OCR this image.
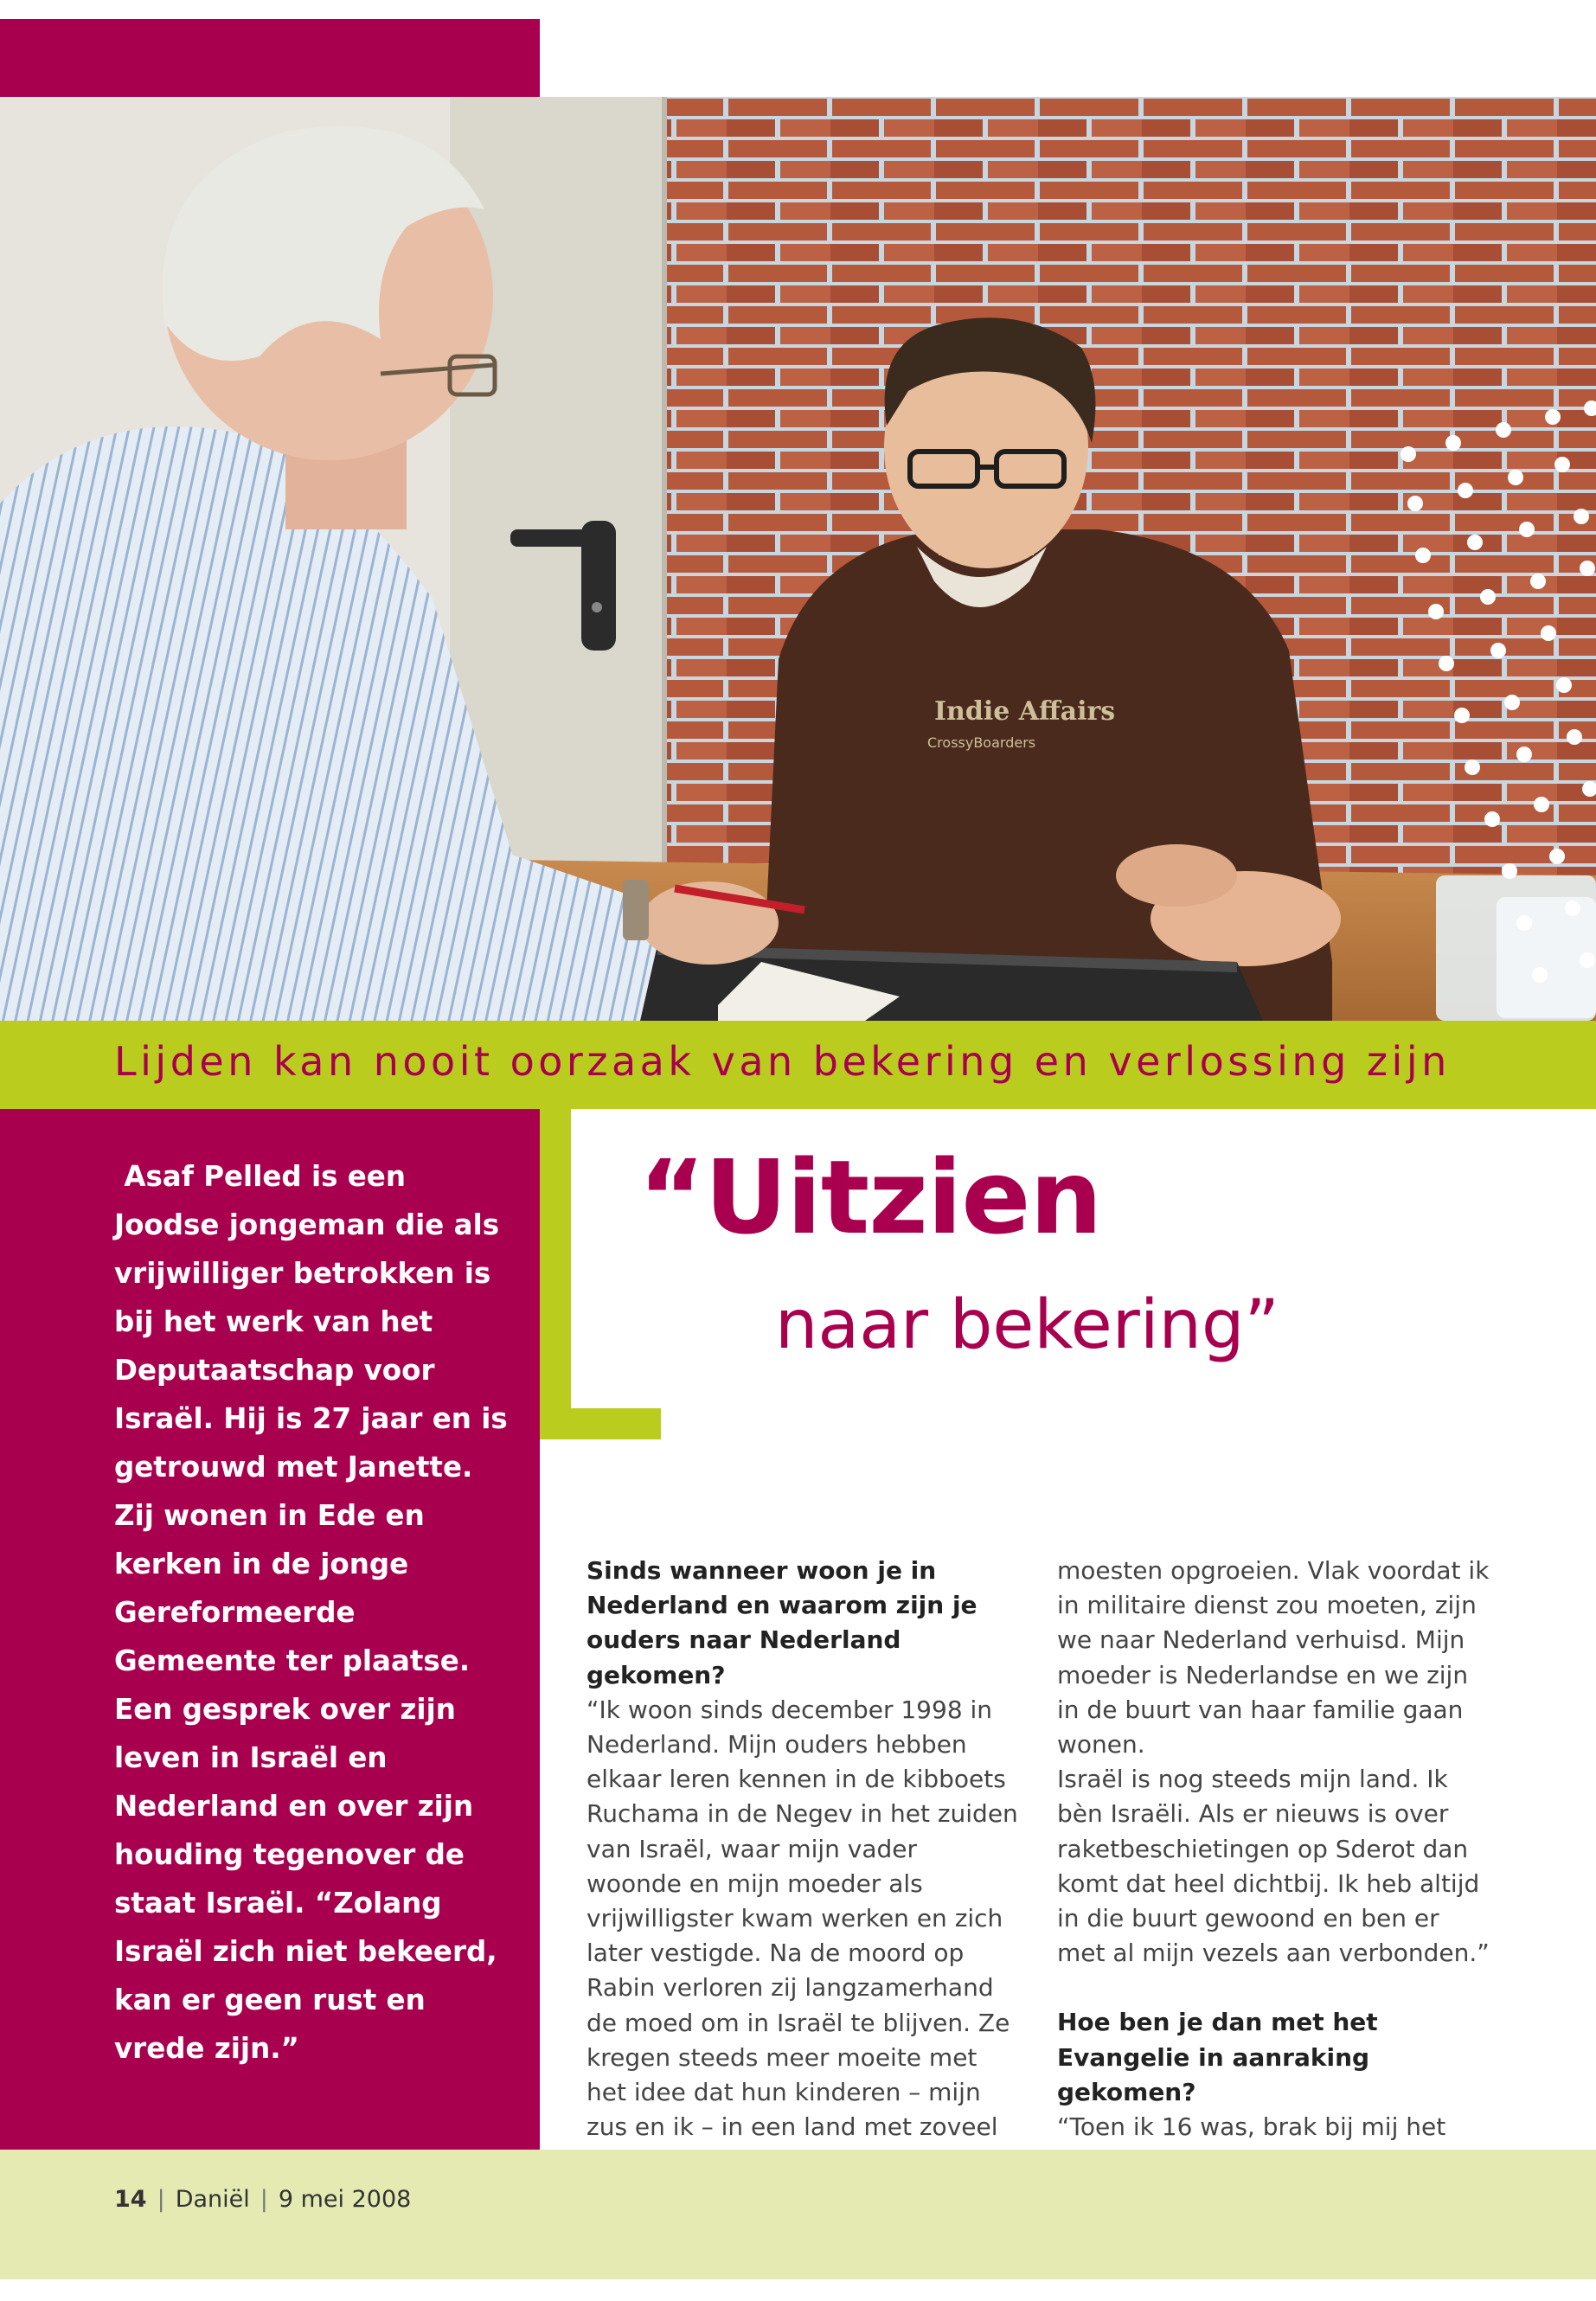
Indie Affairs
CrossyBoarders
Lijden kan nooit oorzaak van bekering en verlossing zijn

Asaf Pelled is een Joodse jongeman die als vrijwilliger betrokken is bij het werk van het Deputaatschap voor Israël. Hij is 27 jaar en is getrouwd met Janette. Zij wonen in Ede en kerken in de jonge Gereformeerde Gemeente ter plaatse. Een gesprek over zijn leven in Israël en Nederland en over zijn houding tegenover de staat Israël. “Zolang Israël zich niet bekeerd, kan er geen rust en vrede zijn.”

“Uitzien
naar bekering”

Sinds wanneer woon je in Nederland en waarom zijn je ouders naar Nederland gekomen?

“Ik woon sinds december 1998 in Nederland. Mijn ouders hebben elkaar leren kennen in de kibboets Ruchama in de Negev in het zuiden van Israël, waar mijn vader woonde en mijn moeder als vrijwilligster kwam werken en zich later vestigde. Na de moord op Rabin verloren zij langzamerhand de moed om in Israël te blijven. Ze kregen steeds meer moeite met het idee dat hun kinderen – mijn zus en ik – in een land met zoveel

moesten opgroeien. Vlak voordat ik in militaire dienst zou moeten, zijn we naar Nederland verhuisd. Mijn moeder is Nederlandse en we zijn in de buurt van haar familie gaan wonen.

Israël is nog steeds mijn land. Ik bèn Israëli. Als er nieuws is over raketbeschietingen op Sderot dan komt dat heel dichtbij. Ik heb altijd in die buurt gewoond en ben er met al mijn vezels aan verbonden.”

Hoe ben je dan met het Evangelie in aanraking gekomen?

“Toen ik 16 was, brak bij mij het

14 | Daniël | 9 mei 2008
